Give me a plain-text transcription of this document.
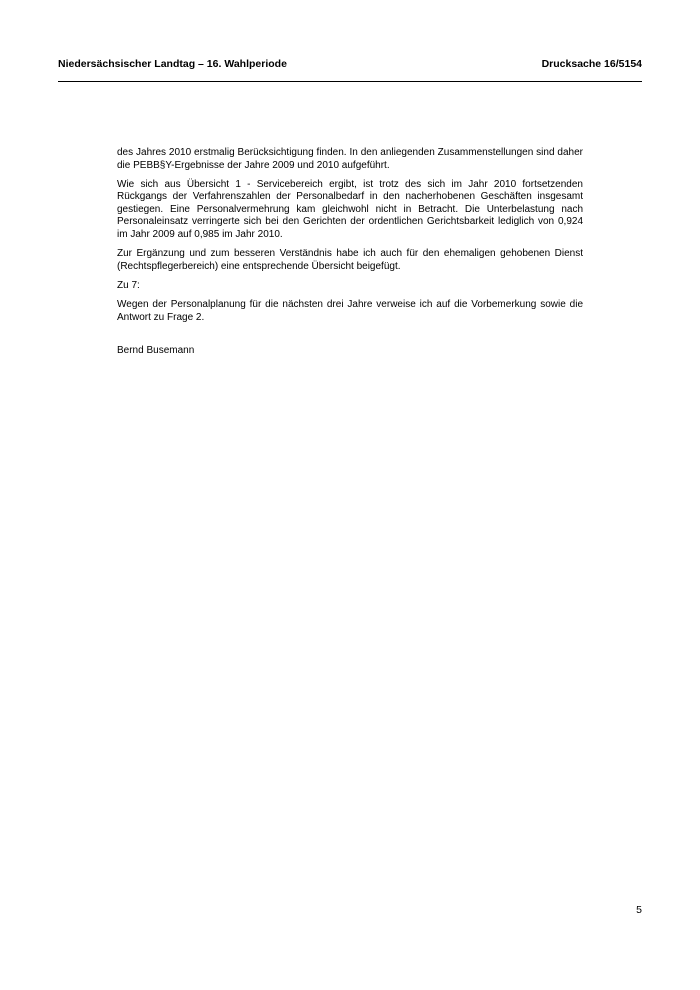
Niedersächsischer Landtag – 16. Wahlperiode	Drucksache 16/5154

des Jahres 2010 erstmalig Berücksichtigung finden. In den anliegenden Zusammenstellungen sind daher die PEBB§Y-Ergebnisse der Jahre 2009 und 2010 aufgeführt.

Wie sich aus Übersicht 1 - Servicebereich ergibt, ist trotz des sich im Jahr 2010 fortsetzenden Rückgangs der Verfahrenszahlen der Personalbedarf in den nacherhobenen Geschäften insgesamt gestiegen. Eine Personalvermehrung kam gleichwohl nicht in Betracht. Die Unterbelastung nach Personaleinsatz verringerte sich bei den Gerichten der ordentlichen Gerichtsbarkeit lediglich von 0,924 im Jahr 2009 auf 0,985 im Jahr 2010.

Zur Ergänzung und zum besseren Verständnis habe ich auch für den ehemaligen gehobenen Dienst (Rechtspflegerbereich) eine entsprechende Übersicht beigefügt.

Zu 7:

Wegen der Personalplanung für die nächsten drei Jahre verweise ich auf die Vorbemerkung sowie die Antwort zu Frage 2.

Bernd Busemann

5
